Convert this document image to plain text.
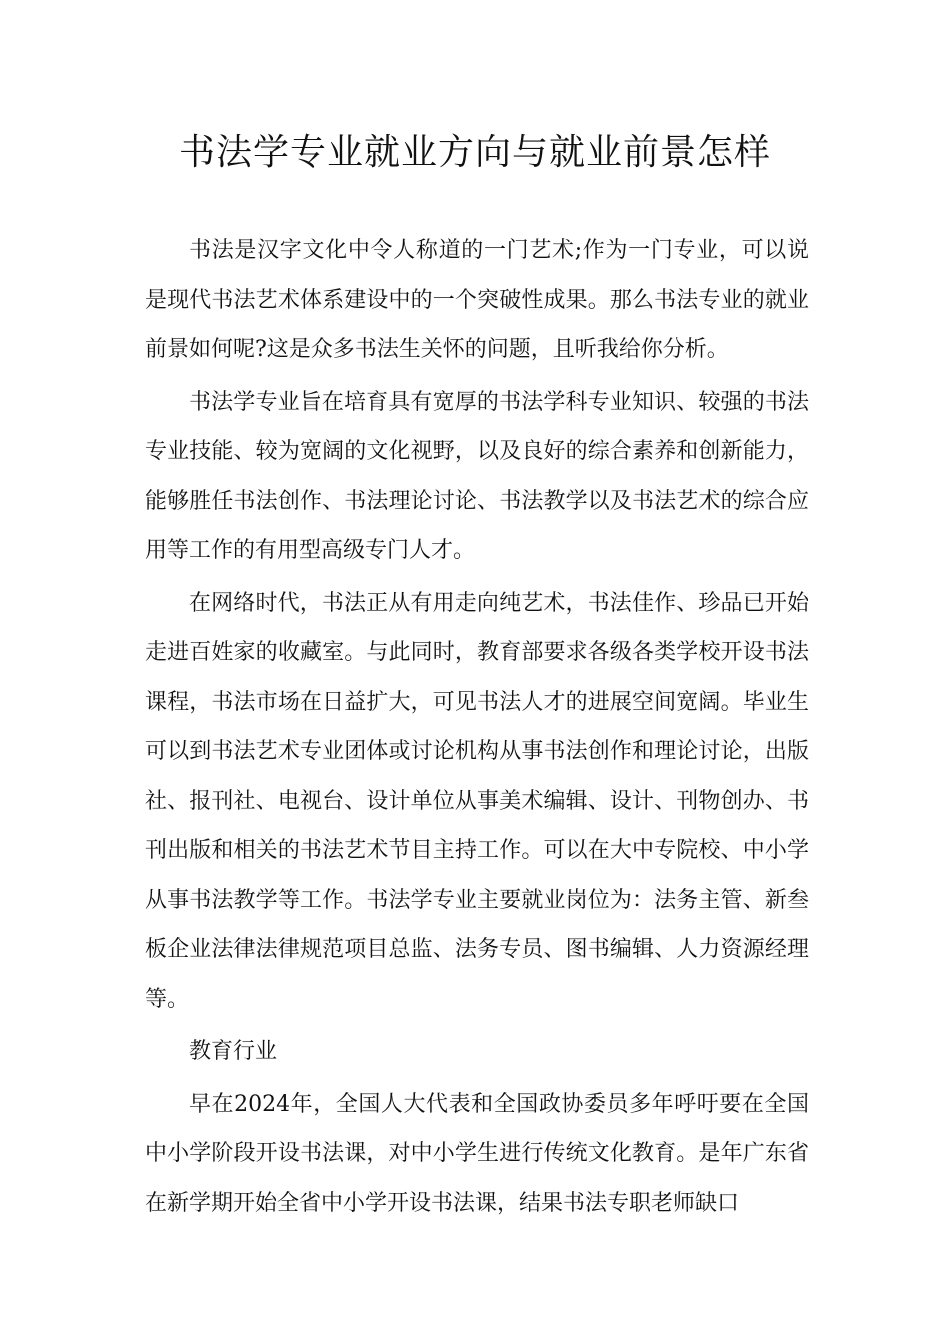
书法学专业就业方向与就业前景怎样

书法是汉字文化中令人称道的一门艺术;作为一门专业，可以说是现代书法艺术体系建设中的一个突破性成果。那么书法专业的就业前景如何呢?这是众多书法生关怀的问题，且听我给你分析。

书法学专业旨在培育具有宽厚的书法学科专业知识、较强的书法专业技能、较为宽阔的文化视野，以及良好的综合素养和创新能力，能够胜任书法创作、书法理论讨论、书法教学以及书法艺术的综合应用等工作的有用型高级专门人才。

在网络时代，书法正从有用走向纯艺术，书法佳作、珍品已开始走进百姓家的收藏室。与此同时，教育部要求各级各类学校开设书法课程，书法市场在日益扩大，可见书法人才的进展空间宽阔。毕业生可以到书法艺术专业团体或讨论机构从事书法创作和理论讨论，出版社、报刊社、电视台、设计单位从事美术编辑、设计、刊物创办、书刊出版和相关的书法艺术节目主持工作。可以在大中专院校、中小学从事书法教学等工作。书法学专业主要就业岗位为：法务主管、新叁板企业法律法律规范项目总监、法务专员、图书编辑、人力资源经理等。

教育行业

早在2024年，全国人大代表和全国政协委员多年呼吁要在全国中小学阶段开设书法课，对中小学生进行传统文化教育。是年广东省在新学期开始全省中小学开设书法课，结果书法专职老师缺口
